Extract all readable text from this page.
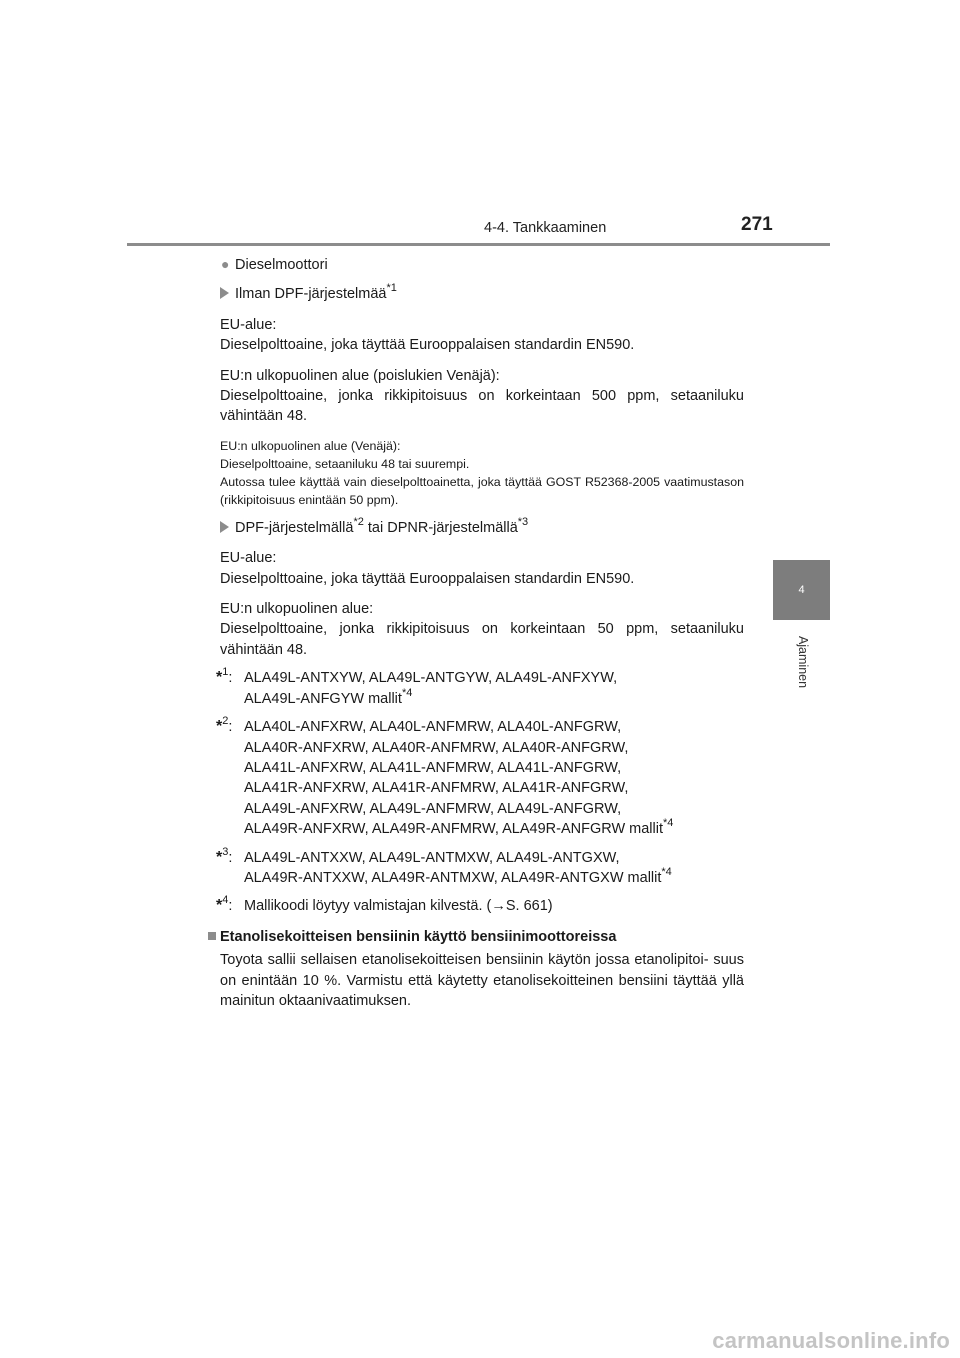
4-4. Tankkaaminen	271
4
Ajaminen
● Dieselmoottori
Ilman DPF-järjestelmää$^{*1}$
EU-alue:
Dieselpolttoaine, joka täyttää Eurooppalaisen standardin EN590.
EU:n ulkopuolinen alue (poislukien Venäjä):
Dieselpolttoaine, jonka rikkipitoisuus on korkeintaan 500 ppm, setaaniluku vähintään 48.
EU:n ulkopuolinen alue (Venäjä):
Dieselpolttoaine, setaaniluku 48 tai suurempi.
Autossa tulee käyttää vain dieselpolttoainetta, joka täyttää GOST R52368-2005 vaatimustason (rikkipitoisuus enintään 50 ppm).
DPF-järjestelmällä$^{*2}$ tai DPNR-järjestelmällä$^{*3}$
EU-alue:
Dieselpolttoaine, joka täyttää Eurooppalaisen standardin EN590.
EU:n ulkopuolinen alue:
Dieselpolttoaine, jonka rikkipitoisuus on korkeintaan 50 ppm, setaaniluku vähintään 48.
*$^1$: ALA49L-ANTXYW, ALA49L-ANTGYW, ALA49L-ANFXYW,
ALA49L-ANFGYW mallit$^{*4}$
*$^2$: ALA40L-ANFXRW, ALA40L-ANFMRW, ALA40L-ANFGRW,
ALA40R-ANFXRW, ALA40R-ANFMRW, ALA40R-ANFGRW,
ALA41L-ANFXRW, ALA41L-ANFMRW, ALA41L-ANFGRW,
ALA41R-ANFXRW, ALA41R-ANFMRW, ALA41R-ANFGRW,
ALA49L-ANFXRW, ALA49L-ANFMRW, ALA49L-ANFGRW,
ALA49R-ANFXRW, ALA49R-ANFMRW, ALA49R-ANFGRW mallit$^{*4}$
*$^3$: ALA49L-ANTXXW, ALA49L-ANTMXW, ALA49L-ANTGXW,
ALA49R-ANTXXW, ALA49R-ANTMXW, ALA49R-ANTGXW mallit$^{*4}$
*$^4$: Mallikoodi löytyy valmistajan kilvestä. (→S. 661)
Etanolisekoitteisen bensiinin käyttö bensiinimoottoreissa
Toyota sallii sellaisen etanolisekoitteisen bensiinin käytön jossa etanolipitoi- suus on enintään 10 %. Varmistu että käytetty etanolisekoitteinen bensiini täyttää yllä mainitun oktaanivaatimuksen.
carmanualsonline.info
